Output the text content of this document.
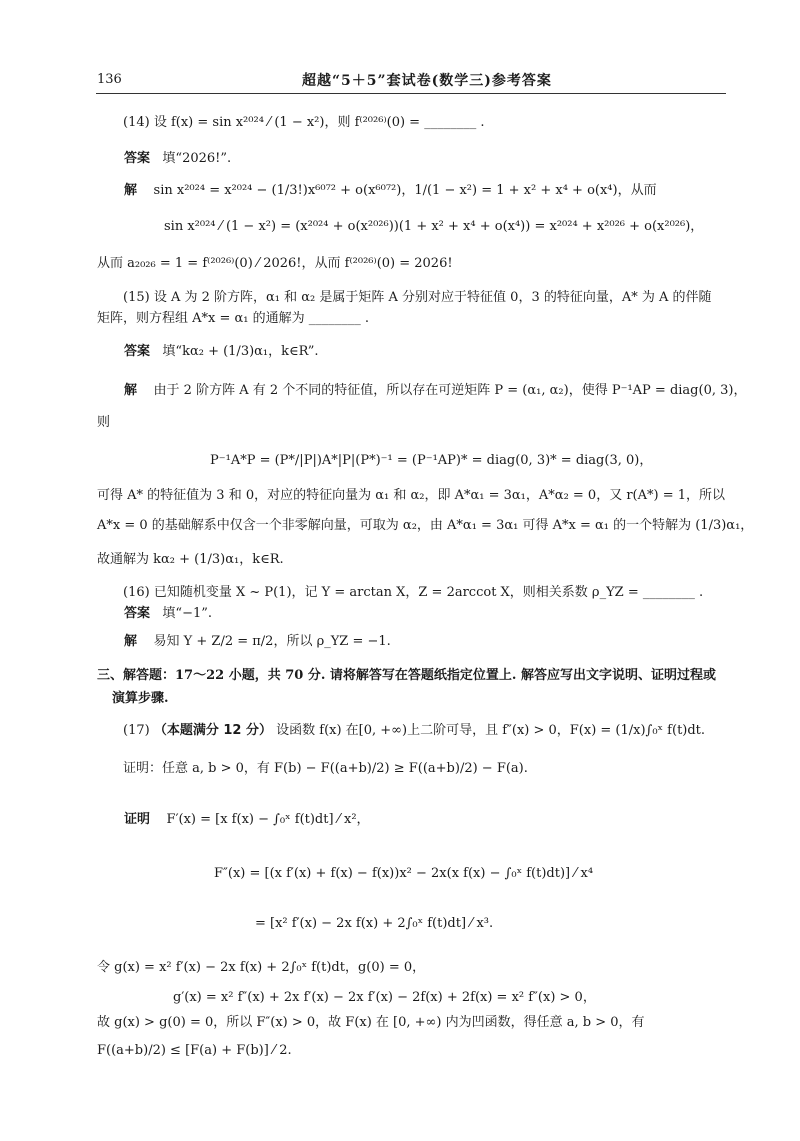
136	超越“5＋5”套试卷(数学三)参考答案
(14) 设 f(x) = sin x²⁰²⁴ ⁄ (1 − x²)，则 f⁽²⁰²⁶⁾(0) = ________ .
答案 填“2026!”.
解 sin x²⁰²⁴ = x²⁰²⁴ − (1/3!)x⁶⁰⁷² + o(x⁶⁰⁷²)，1/(1 − x²) = 1 + x² + x⁴ + o(x⁴)，从而
sin x²⁰²⁴ ⁄ (1 − x²) = (x²⁰²⁴ + o(x²⁰²⁶))(1 + x² + x⁴ + o(x⁴)) = x²⁰²⁴ + x²⁰²⁶ + o(x²⁰²⁶)，
从而 a₂₀₂₆ = 1 = f⁽²⁰²⁶⁾(0) ⁄ 2026!，从而 f⁽²⁰²⁶⁾(0) = 2026!
(15) 设 A 为 2 阶方阵，α₁ 和 α₂ 是属于矩阵 A 分别对应于特征值 0，3 的特征向量，A* 为 A 的伴随
矩阵，则方程组 A*x = α₁ 的通解为 ________ .
答案 填“kα₂ + (1/3)α₁，k∈R”.
解 由于 2 阶方阵 A 有 2 个不同的特征值，所以存在可逆矩阵 P = (α₁, α₂)，使得 P⁻¹AP = diag(0, 3)，
则
P⁻¹A*P = (P*/|P|)A*|P|(P*)⁻¹ = (P⁻¹AP)* = diag(0, 3)* = diag(3, 0)，
可得 A* 的特征值为 3 和 0，对应的特征向量为 α₁ 和 α₂，即 A*α₁ = 3α₁，A*α₂ = 0，又 r(A*) = 1，所以
A*x = 0 的基础解系中仅含一个非零解向量，可取为 α₂，由 A*α₁ = 3α₁ 可得 A*x = α₁ 的一个特解为 (1/3)α₁，
故通解为 kα₂ + (1/3)α₁，k∈R.
(16) 已知随机变量 X ~ P(1)，记 Y = arctan X，Z = 2arccot X，则相关系数 ρ_YZ = ________ .
答案 填“−1”.
解 易知 Y + Z/2 = π/2，所以 ρ_YZ = −1.
三、解答题：17～22 小题，共 70 分. 请将解答写在答题纸指定位置上. 解答应写出文字说明、证明过程或
演算步骤.
(17) （本题满分 12 分） 设函数 f(x) 在[0, +∞)上二阶可导，且 f″(x) > 0，F(x) = (1/x)∫₀ˣ f(t)dt.
证明：任意 a, b > 0，有 F(b) − F((a+b)/2) ≥ F((a+b)/2) − F(a).
证明 F′(x) = [x f(x) − ∫₀ˣ f(t)dt] ⁄ x²，
F″(x) = [(x f′(x) + f(x) − f(x))x² − 2x(x f(x) − ∫₀ˣ f(t)dt)] ⁄ x⁴
= [x² f′(x) − 2x f(x) + 2∫₀ˣ f(t)dt] ⁄ x³.
令 g(x) = x² f′(x) − 2x f(x) + 2∫₀ˣ f(t)dt，g(0) = 0，
g′(x) = x² f″(x) + 2x f′(x) − 2x f′(x) − 2f(x) + 2f(x) = x² f″(x) > 0，
故 g(x) > g(0) = 0，所以 F″(x) > 0，故 F(x) 在 [0, +∞) 内为凹函数，得任意 a, b > 0，有
F((a+b)/2) ≤ [F(a) + F(b)] ⁄ 2.
